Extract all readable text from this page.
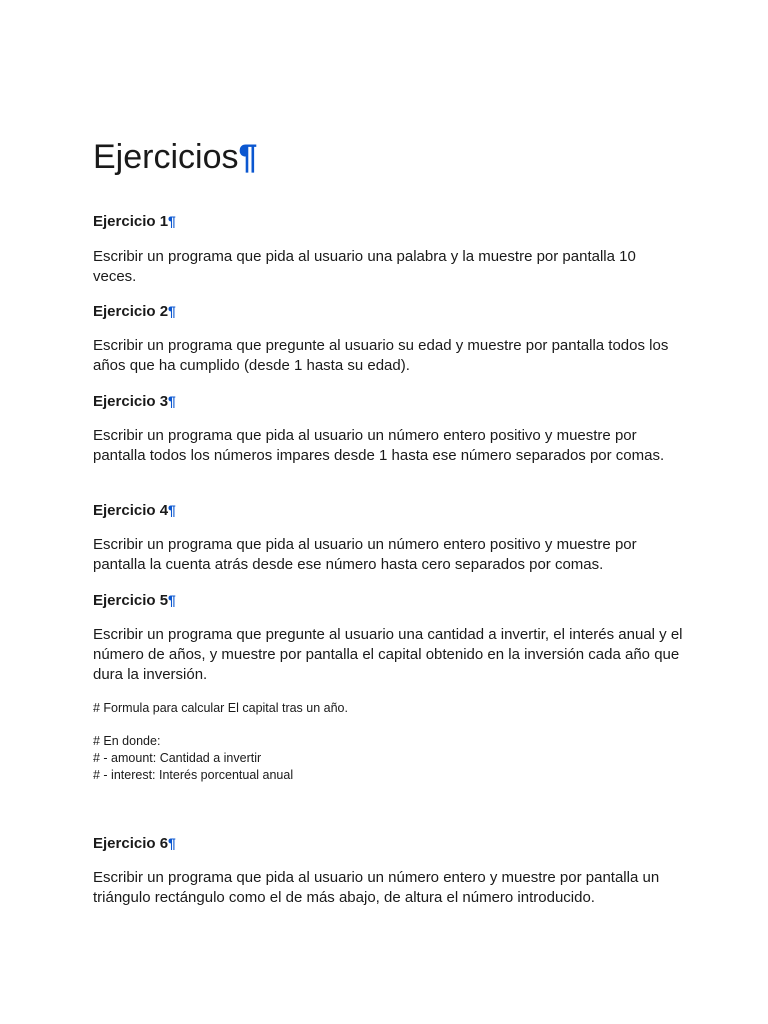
Ejercicios¶
Ejercicio 1¶

Escribir un programa que pida al usuario una palabra y la muestre por pantalla 10 veces.

Ejercicio 2¶

Escribir un programa que pregunte al usuario su edad y muestre por pantalla todos los años que ha cumplido (desde 1 hasta su edad).

Ejercicio 3¶

Escribir un programa que pida al usuario un número entero positivo y muestre por pantalla todos los números impares desde 1 hasta ese número separados por comas.

Ejercicio 4¶

Escribir un programa que pida al usuario un número entero positivo y muestre por pantalla la cuenta atrás desde ese número hasta cero separados por comas.

Ejercicio 5¶

Escribir un programa que pregunte al usuario una cantidad a invertir, el interés anual y el número de años, y muestre por pantalla el capital obtenido en la inversión cada año que dura la inversión.

# Formula para calcular El capital tras un año.
# En donde:
# - amount: Cantidad a invertir
# - interest: Interés porcentual anual
Ejercicio 6¶

Escribir un programa que pida al usuario un número entero y muestre por pantalla un triángulo rectángulo como el de más abajo, de altura el número introducido.
